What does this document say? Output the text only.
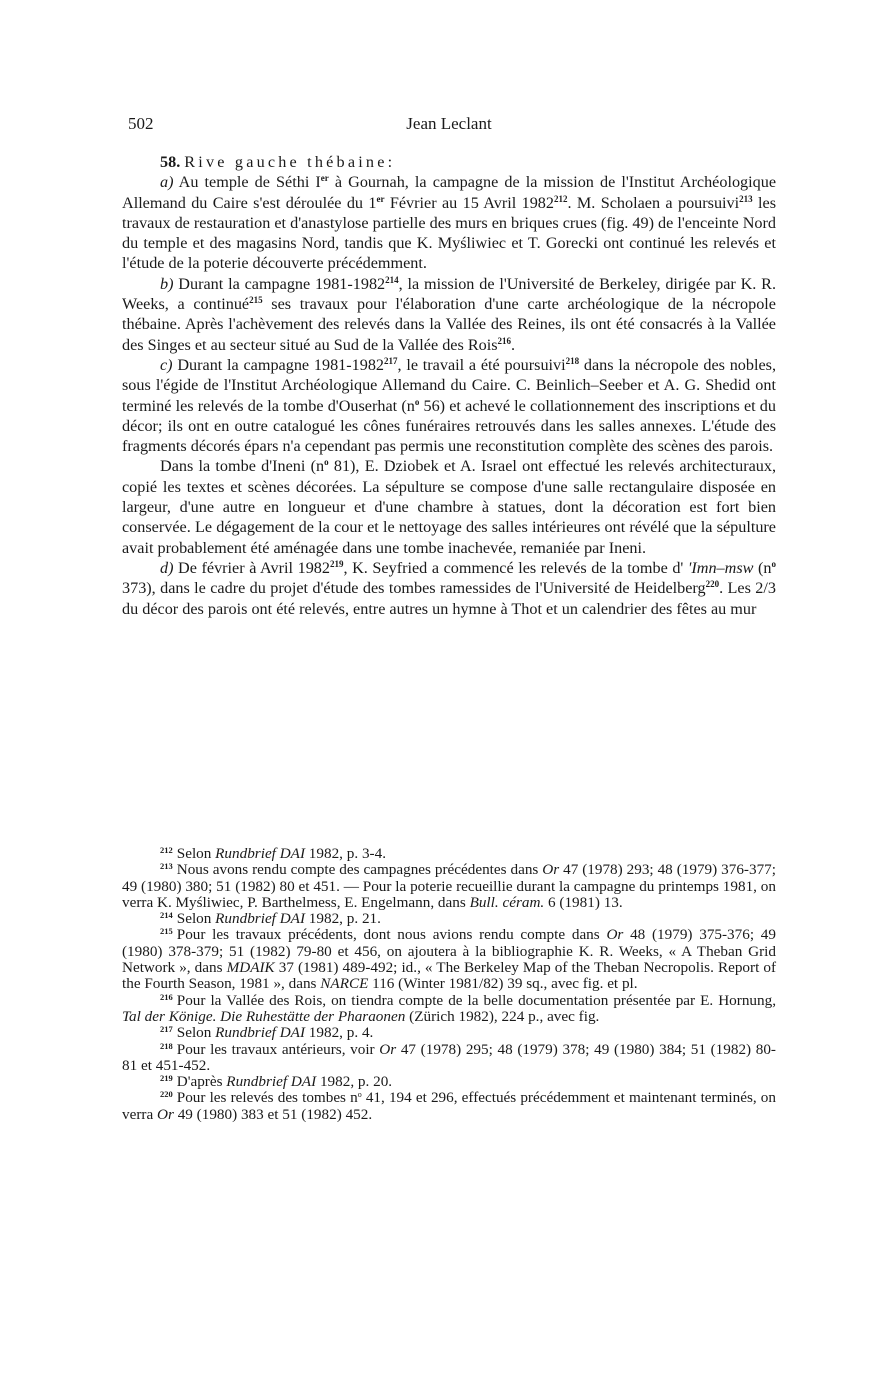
502	Jean Leclant

58. Rive gauche thébaine:

a) Au temple de Séthi Ier à Gournah, la campagne de la mission de l'Institut Archéologique Allemand du Caire s'est déroulée du 1er Février au 15 Avril 1982$^{212}$. M. Scholaen a poursuivi$^{213}$ les travaux de restauration et d'anastylose partielle des murs en briques crues (fig. 49) de l'enceinte Nord du temple et des magasins Nord, tandis que K. Myśliwiec et T. Gorecki ont continué les relevés et l'étude de la poterie découverte précédemment.

b) Durant la campagne 1981-1982$^{214}$, la mission de l'Université de Berkeley, dirigée par K. R. Weeks, a continué$^{215}$ ses travaux pour l'élaboration d'une carte archéologique de la nécropole thébaine. Après l'achèvement des relevés dans la Vallée des Reines, ils ont été consacrés à la Vallée des Singes et au secteur situé au Sud de la Vallée des Rois$^{216}$.

c) Durant la campagne 1981-1982$^{217}$, le travail a été poursuivi$^{218}$ dans la nécropole des nobles, sous l'égide de l'Institut Archéologique Allemand du Caire. C. Beinlich–Seeber et A. G. Shedid ont terminé les relevés de la tombe d'Ouserhat ($n^o$ 56) et achevé le collationnement des inscriptions et du décor; ils ont en outre catalogué les cônes funéraires retrouvés dans les salles annexes. L'étude des fragments décorés épars n'a cependant pas permis une reconstitution complète des scènes des parois.

Dans la tombe d'Ineni ($n^o$ 81), E. Dziobek et A. Israel ont effectué les relevés architecturaux, copié les textes et scènes décorées. La sépulture se compose d'une salle rectangulaire disposée en largeur, d'une autre en longueur et d'une chambre à statues, dont la décoration est fort bien conservée. Le dégagement de la cour et le nettoyage des salles intérieures ont révélé que la sépulture avait probablement été aménagée dans une tombe inachevée, remaniée par Ineni.

d) De février à Avril 1982$^{219}$, K. Seyfried a commencé les relevés de la tombe d' 'Imn–msw ($n^o$ 373), dans le cadre du projet d'étude des tombes ramessides de l'Université de Heidelberg$^{220}$. Les 2/3 du décor des parois ont été relevés, entre autres un hymne à Thot et un calendrier des fêtes au mur

$^{212}$ Selon Rundbrief DAI 1982, p. 3-4.

$^{213}$ Nous avons rendu compte des campagnes précédentes dans Or 47 (1978) 293; 48 (1979) 376-377; 49 (1980) 380; 51 (1982) 80 et 451. — Pour la poterie recueillie durant la campagne du printemps 1981, on verra K. Myśliwiec, P. Barthelmess, E. Engelmann, dans Bull. céram. 6 (1981) 13.

$^{214}$ Selon Rundbrief DAI 1982, p. 21.

$^{215}$ Pour les travaux précédents, dont nous avions rendu compte dans Or 48 (1979) 375-376; 49 (1980) 378-379; 51 (1982) 79-80 et 456, on ajoutera à la bibliographie K. R. Weeks, « A Theban Grid Network », dans MDAIK 37 (1981) 489-492; id., « The Berkeley Map of the Theban Necropolis. Report of the Fourth Season, 1981 », dans NARCE 116 (Winter 1981/82) 39 sq., avec fig. et pl.

$^{216}$ Pour la Vallée des Rois, on tiendra compte de la belle documentation présentée par E. Hornung, Tal der Könige. Die Ruhestätte der Pharaonen (Zürich 1982), 224 p., avec fig.

$^{217}$ Selon Rundbrief DAI 1982, p. 4.

$^{218}$ Pour les travaux antérieurs, voir Or 47 (1978) 295; 48 (1979) 378; 49 (1980) 384; 51 (1982) 80-81 et 451-452.

$^{219}$ D'après Rundbrief DAI 1982, p. 20.

$^{220}$ Pour les relevés des tombes $n^o$ 41, 194 et 296, effectués précédemment et maintenant terminés, on verra Or 49 (1980) 383 et 51 (1982) 452.
